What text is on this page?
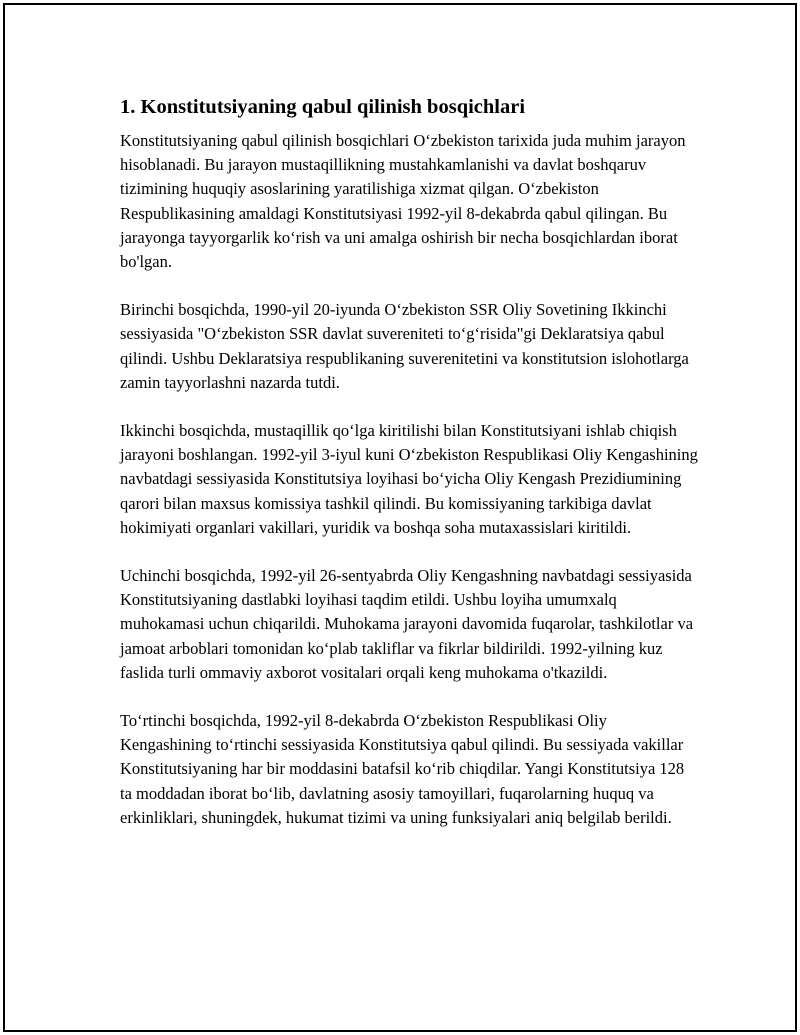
1. Konstitutsiyaning qabul qilinish bosqichlari

Konstitutsiyaning qabul qilinish bosqichlari O‘zbekiston tarixida juda muhim jarayon hisoblanadi. Bu jarayon mustaqillikning mustahkamlanishi va davlat boshqaruv tizimining huquqiy asoslarining yaratilishiga xizmat qilgan. O‘zbekiston Respublikasining amaldagi Konstitutsiyasi 1992-yil 8-dekabrda qabul qilingan. Bu jarayonga tayyorgarlik ko‘rish va uni amalga oshirish bir necha bosqichlardan iborat bo'lgan.

Birinchi bosqichda, 1990-yil 20-iyunda O‘zbekiston SSR Oliy Sovetining Ikkinchi sessiyasida "O‘zbekiston SSR davlat suvereniteti to‘g‘risida"gi Deklaratsiya qabul qilindi. Ushbu Deklaratsiya respublikaning suverenitetini va konstitutsion islohotlarga zamin tayyorlashni nazarda tutdi.

Ikkinchi bosqichda, mustaqillik qo‘lga kiritilishi bilan Konstitutsiyani ishlab chiqish jarayoni boshlangan. 1992-yil 3-iyul kuni O‘zbekiston Respublikasi Oliy Kengashining navbatdagi sessiyasida Konstitutsiya loyihasi bo‘yicha Oliy Kengash Prezidiumining qarori bilan maxsus komissiya tashkil qilindi. Bu komissiyaning tarkibiga davlat hokimiyati organlari vakillari, yuridik va boshqa soha mutaxassislari kiritildi.

Uchinchi bosqichda, 1992-yil 26-sentyabrda Oliy Kengashning navbatdagi sessiyasida Konstitutsiyaning dastlabki loyihasi taqdim etildi. Ushbu loyiha umumxalq muhokamasi uchun chiqarildi. Muhokama jarayoni davomida fuqarolar, tashkilotlar va jamoat arboblari tomonidan ko‘plab takliflar va fikrlar bildirildi. 1992-yilning kuz faslida turli ommaviy axborot vositalari orqali keng muhokama o'tkazildi.

To‘rtinchi bosqichda, 1992-yil 8-dekabrda O‘zbekiston Respublikasi Oliy Kengashining to‘rtinchi sessiyasida Konstitutsiya qabul qilindi. Bu sessiyada vakillar Konstitutsiyaning har bir moddasini batafsil ko‘rib chiqdilar. Yangi Konstitutsiya 128 ta moddadan iborat bo‘lib, davlatning asosiy tamoyillari, fuqarolarning huquq va erkinliklari, shuningdek, hukumat tizimi va uning funksiyalari aniq belgilab berildi.
